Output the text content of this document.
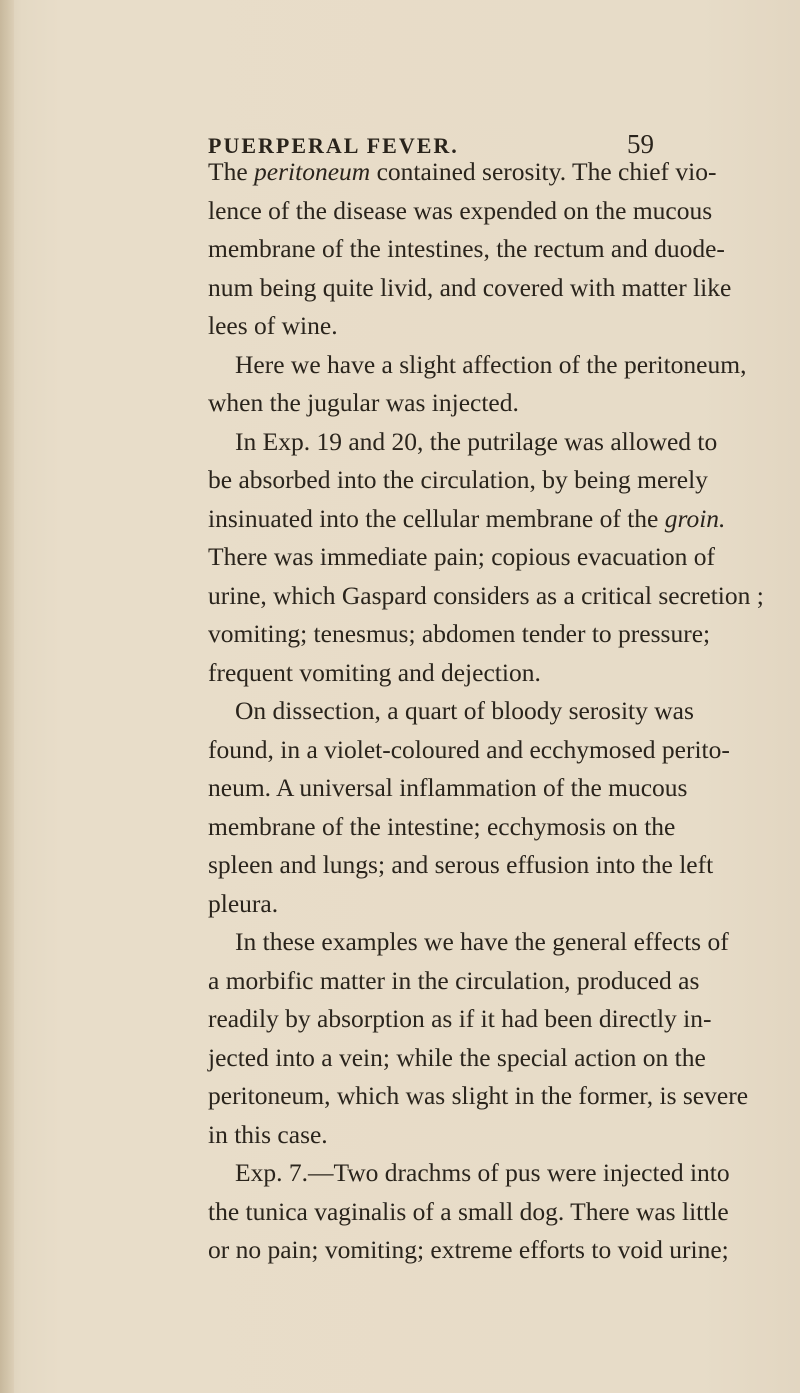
PUERPERAL FEVER.	59
The peritoneum contained serosity. The chief vio-
lence of the disease was expended on the mucous
membrane of the intestines, the rectum and duode-
num being quite livid, and covered with matter like
lees of wine.
Here we have a slight affection of the peritoneum,
when the jugular was injected.
In Exp. 19 and 20, the putrilage was allowed to
be absorbed into the circulation, by being merely
insinuated into the cellular membrane of the groin.
There was immediate pain; copious evacuation of
urine, which Gaspard considers as a critical secretion ;
vomiting; tenesmus; abdomen tender to pressure;
frequent vomiting and dejection.
On dissection, a quart of bloody serosity was
found, in a violet-coloured and ecchymosed perito-
neum. A universal inflammation of the mucous
membrane of the intestine; ecchymosis on the
spleen and lungs; and serous effusion into the left
pleura.
In these examples we have the general effects of
a morbific matter in the circulation, produced as
readily by absorption as if it had been directly in-
jected into a vein; while the special action on the
peritoneum, which was slight in the former, is severe
in this case.
Exp. 7.—Two drachms of pus were injected into
the tunica vaginalis of a small dog. There was little
or no pain; vomiting; extreme efforts to void urine;
